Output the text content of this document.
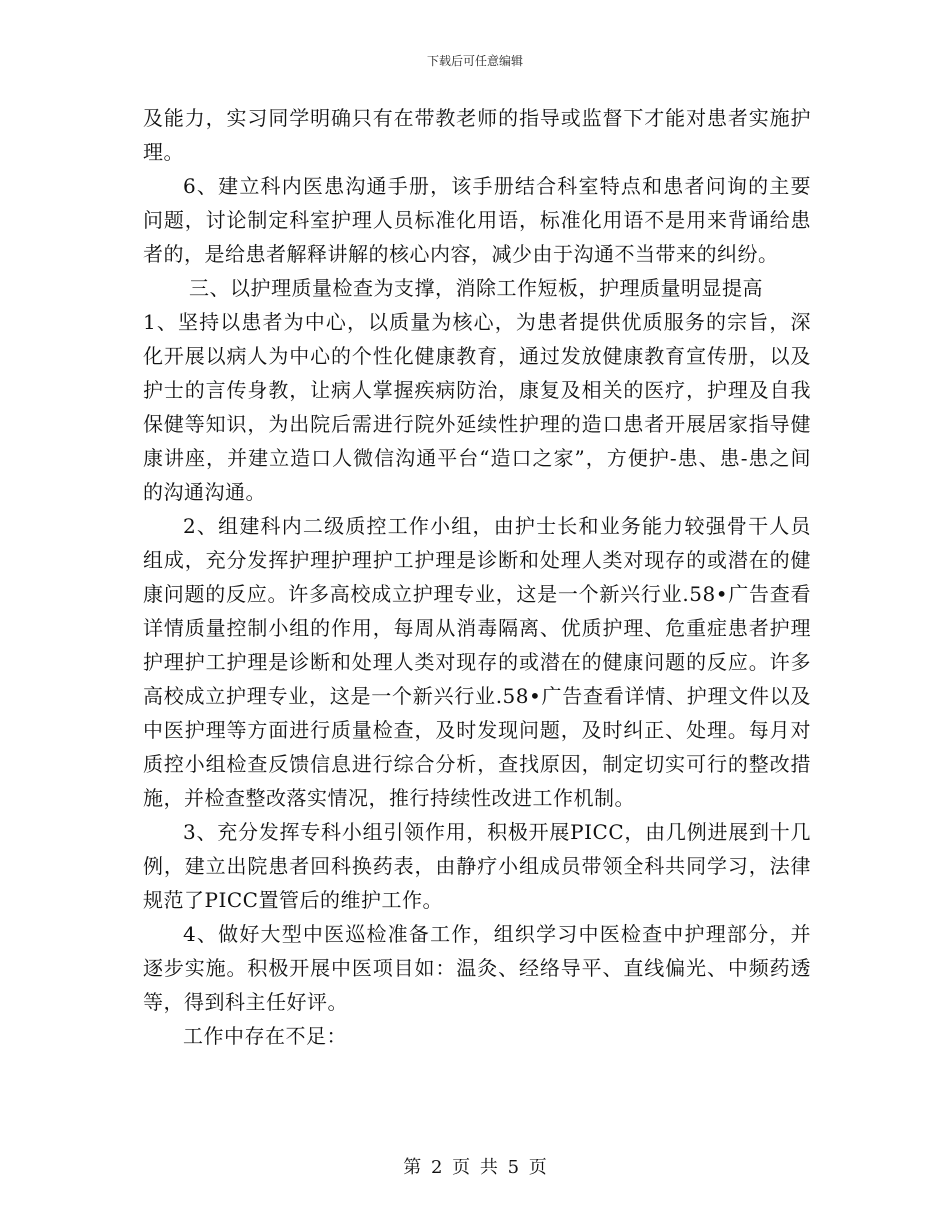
下载后可任意编辑

及能力，实习同学明确只有在带教老师的指导或监督下才能对患者实施护理。

6、建立科内医患沟通手册，该手册结合科室特点和患者问询的主要问题，讨论制定科室护理人员标准化用语，标准化用语不是用来背诵给患者的，是给患者解释讲解的核心内容，减少由于沟通不当带来的纠纷。

三、以护理质量检查为支撑，消除工作短板，护理质量明显提高

1、坚持以患者为中心，以质量为核心，为患者提供优质服务的宗旨，深化开展以病人为中心的个性化健康教育，通过发放健康教育宣传册，以及护士的言传身教，让病人掌握疾病防治，康复及相关的医疗，护理及自我保健等知识，为出院后需进行院外延续性护理的造口患者开展居家指导健康讲座，并建立造口人微信沟通平台“造口之家”，方便护-患、患-患之间的沟通沟通。

2、组建科内二级质控工作小组，由护士长和业务能力较强骨干人员组成，充分发挥护理护理护工护理是诊断和处理人类对现存的或潜在的健康问题的反应。许多高校成立护理专业，这是一个新兴行业.58•广告查看详情质量控制小组的作用，每周从消毒隔离、优质护理、危重症患者护理护理护工护理是诊断和处理人类对现存的或潜在的健康问题的反应。许多高校成立护理专业，这是一个新兴行业.58•广告查看详情、护理文件以及中医护理等方面进行质量检查，及时发现问题，及时纠正、处理。每月对质控小组检查反馈信息进行综合分析，查找原因，制定切实可行的整改措施，并检查整改落实情况，推行持续性改进工作机制。

3、充分发挥专科小组引领作用，积极开展PICC，由几例进展到十几例，建立出院患者回科换药表，由静疗小组成员带领全科共同学习，法律规范了PICC置管后的维护工作。

4、做好大型中医巡检准备工作，组织学习中医检查中护理部分，并逐步实施。积极开展中医项目如：温灸、经络导平、直线偏光、中频药透等，得到科主任好评。

工作中存在不足：

第 2 页 共 5 页
